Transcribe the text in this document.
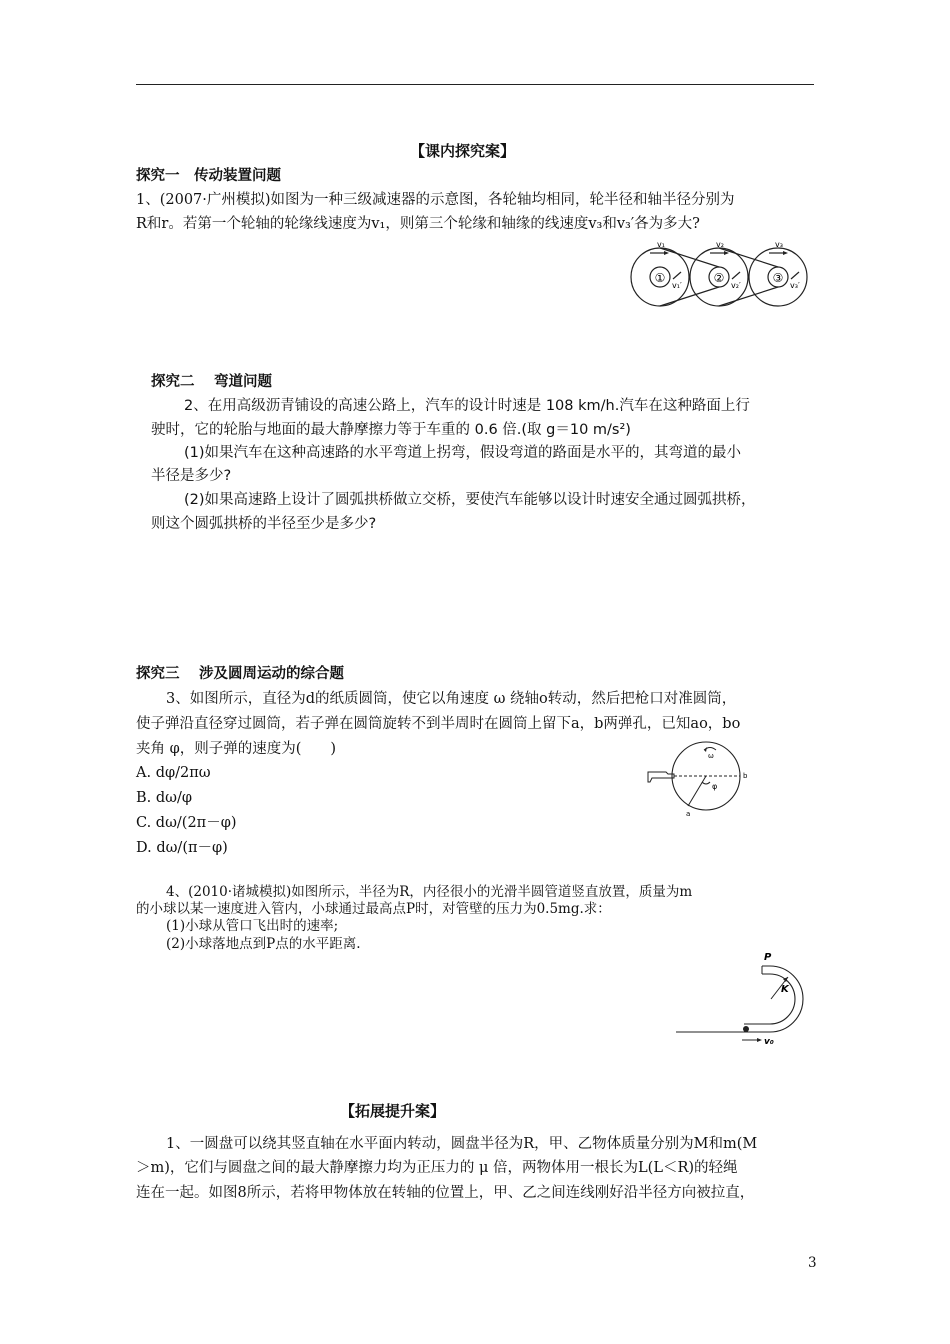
【课内探究案】
探究一　传动装置问题
1、(2007·广州模拟)如图为一种三级减速器的示意图，各轮轴均相同，轮半径和轴半径分别为
R和r。若第一个轮轴的轮缘线速度为v₁，则第三个轮缘和轴缘的线速度v₃和v₃′各为多大?
①	②	③
v₁	v₂	v₃
v₁′	v₂′	v₃′
探究二　 弯道问题
2、在用高级沥青铺设的高速公路上，汽车的设计时速是 108 km/h.汽车在这种路面上行
驶时，它的轮胎与地面的最大静摩擦力等于车重的 0.6 倍.(取 g＝10 m/s²)
(1)如果汽车在这种高速路的水平弯道上拐弯，假设弯道的路面是水平的，其弯道的最小
半径是多少?
(2)如果高速路上设计了圆弧拱桥做立交桥，要使汽车能够以设计时速安全通过圆弧拱桥，
则这个圆弧拱桥的半径至少是多少?
探究三　 涉及圆周运动的综合题
3、如图所示，直径为d的纸质圆筒，使它以角速度 ω 绕轴o转动，然后把枪口对准圆筒，
使子弹沿直径穿过圆筒，若子弹在圆筒旋转不到半周时在圆筒上留下a，b两弹孔，已知ao，bo
夹角 φ，则子弹的速度为(　　)
A. dφ/2πω
B. dω/φ
C. dω/(2π－φ)
D. dω/(π－φ)
ω
φ
a
b
4、(2010·诸城模拟)如图所示，半径为R，内径很小的光滑半圆管道竖直放置，质量为m
的小球以某一速度进入管内，小球通过最高点P时，对管壁的压力为0.5mg.求：
(1)小球从管口飞出时的速率;
(2)小球落地点到P点的水平距离.
P
K
v₀
【拓展提升案】
1、一圆盘可以绕其竖直轴在水平面内转动，圆盘半径为R，甲、乙物体质量分别为M和m(M
＞m)，它们与圆盘之间的最大静摩擦力均为正压力的 μ 倍，两物体用一根长为L(L＜R)的轻绳
连在一起。如图8所示，若将甲物体放在转轴的位置上，甲、乙之间连线刚好沿半径方向被拉直，
3
